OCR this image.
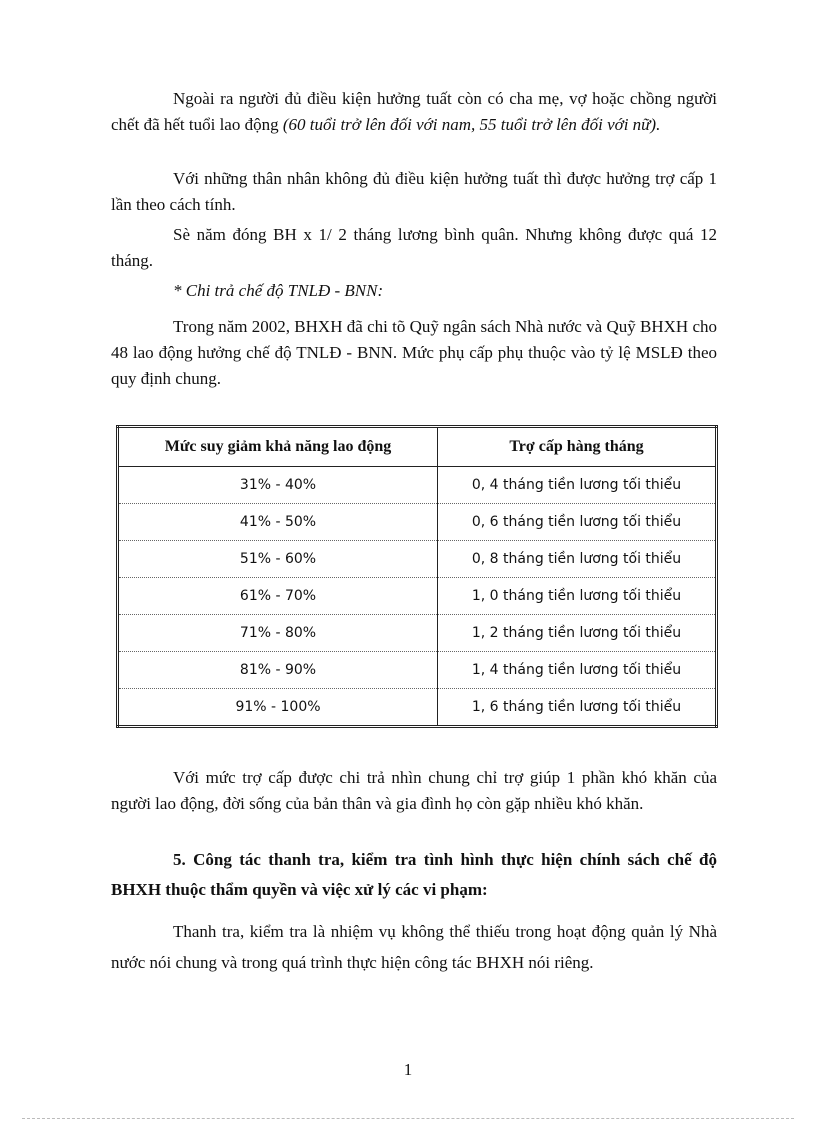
Ngoài ra người đủ điều kiện hưởng tuất còn có cha mẹ, vợ hoặc chồng người chết đã hết tuổi lao động (60 tuổi trở lên đối với nam, 55 tuổi trở lên đối với nữ).

Với những thân nhân không đủ điều kiện hưởng tuất thì được hưởng trợ cấp 1 lần theo cách tính.

Sè năm đóng BH x 1/ 2 tháng lương bình quân. Nhưng không được quá 12 tháng.

* Chi trả chế độ TNLĐ - BNN:

Trong năm 2002, BHXH đã chi tõ Quỹ ngân sách Nhà nước và Quỹ BHXH cho 48 lao động hưởng chế độ TNLĐ - BNN. Mức phụ cấp phụ thuộc vào tỷ lệ MSLĐ theo quy định chung.

Mức suy giảm khả năng lao động	Trợ cấp hàng tháng
31% - 40%	0, 4 tháng tiền lương tối thiểu
41% - 50%	0, 6 tháng tiền lương tối thiểu
51% - 60%	0, 8 tháng tiền lương tối thiểu
61% - 70%	1, 0 tháng tiền lương tối thiểu
71% - 80%	1, 2 tháng tiền lương tối thiểu
81% - 90%	1, 4 tháng tiền lương tối thiểu
91% - 100%	1, 6 tháng tiền lương tối thiểu

Với mức trợ cấp được chi trả nhìn chung chỉ trợ giúp 1 phần khó khăn của người lao động, đời sống của bản thân và gia đình họ còn gặp nhiều khó khăn.

5. Công tác thanh tra, kiểm tra tình hình thực hiện chính sách chế độ BHXH thuộc thẩm quyền và việc xử lý các vi phạm:

Thanh tra, kiểm tra là nhiệm vụ không thể thiếu trong hoạt động quản lý Nhà nước nói chung và trong quá trình thực hiện công tác BHXH nói riêng.

1
